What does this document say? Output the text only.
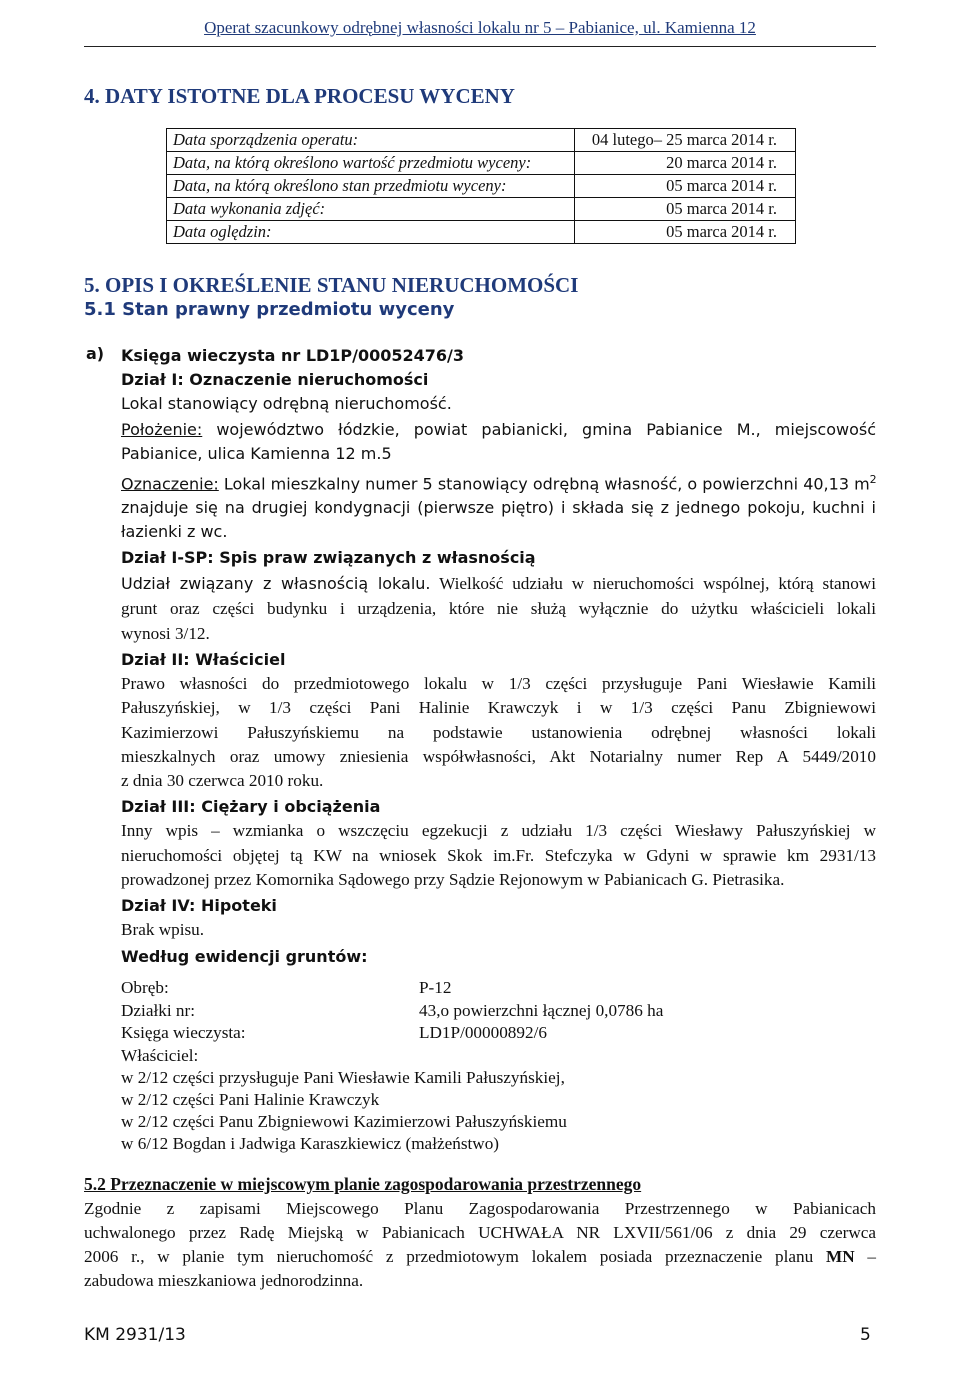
Operat szacunkowy odrębnej własności lokalu nr 5 – Pabianice, ul. Kamienna 12
4. DATY ISTOTNE DLA PROCESU WYCENY
Data sporządzenia operatu:	04 lutego– 25 marca 2014 r.
Data, na którą określono wartość przedmiotu wyceny:	20 marca 2014 r.
Data, na którą określono stan przedmiotu wyceny:	05 marca 2014 r.
Data wykonania zdjęć:	05 marca 2014 r.
Data oględzin:	05 marca 2014 r.
5. OPIS I OKREŚLENIE STANU NIERUCHOMOŚCI
5.1 Stan prawny przedmiotu wyceny
a) Księga wieczysta nr LD1P/00052476/3
Dział I: Oznaczenie nieruchomości
Lokal stanowiący odrębną nieruchomość.
Położenie: województwo łódzkie, powiat pabianicki, gmina Pabianice M., miejscowość
Pabianice, ulica Kamienna 12 m.5
Oznaczenie: Lokal mieszkalny numer 5 stanowiący odrębną własność, o powierzchni 40,13 $m^2$
znajduje się na drugiej kondygnacji (pierwsze piętro) i składa się z jednego pokoju, kuchni i
łazienki z wc.
Dział I-SP: Spis praw związanych z własnością
Udział związany z własnością lokalu. Wielkość udziału w nieruchomości wspólnej, którą stanowi
grunt oraz części budynku i urządzenia, które nie służą wyłącznie do użytku właścicieli lokali
wynosi 3/12.
Dział II: Właściciel
Prawo własności do przedmiotowego lokalu w 1/3 części przysługuje Pani Wiesławie Kamili
Pałuszyńskiej, w 1/3 części Pani Halinie Krawczyk i w 1/3 części Panu Zbigniewowi
Kazimierzowi Pałuszyńskiemu na podstawie ustanowienia odrębnej własności lokali
mieszkalnych oraz umowy zniesienia współwłasności, Akt Notarialny numer Rep A 5449/2010
z dnia 30 czerwca 2010 roku.
Dział III: Ciężary i obciążenia
Inny wpis – wzmianka o wszczęciu egzekucji z udziału 1/3 części Wiesławy Pałuszyńskiej w
nieruchomości objętej tą KW na wniosek Skok im.Fr. Stefczyka w Gdyni w sprawie km 2931/13
prowadzonej przez Komornika Sądowego przy Sądzie Rejonowym w Pabianicach G. Pietrasika.
Dział IV: Hipoteki
Brak wpisu.
Według ewidencji gruntów:
Obręb:	P-12
Działki nr:	43,o powierzchni łącznej 0,0786 ha
Księga wieczysta:	LD1P/00000892/6
Właściciel:
w 2/12 części przysługuje Pani Wiesławie Kamili Pałuszyńskiej,
w 2/12 części Pani Halinie Krawczyk
w 2/12 części Panu Zbigniewowi Kazimierzowi Pałuszyńskiemu
w 6/12 Bogdan i Jadwiga Karaszkiewicz (małżeństwo)
5.2 Przeznaczenie w miejscowym planie zagospodarowania przestrzennego
Zgodnie z zapisami Miejscowego Planu Zagospodarowania Przestrzennego w Pabianicach
uchwalonego przez Radę Miejską w Pabianicach UCHWAŁA NR LXVII/561/06 z dnia 29 czerwca
2006 r., w planie tym nieruchomość z przedmiotowym lokalem posiada przeznaczenie planu MN –
zabudowa mieszkaniowa jednorodzinna.
KM 2931/13	5
